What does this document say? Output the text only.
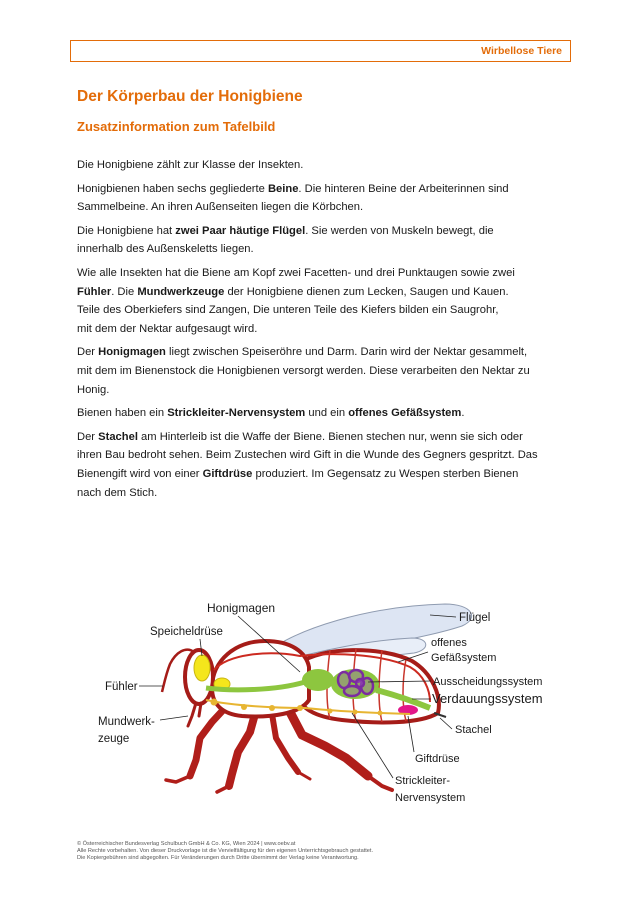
Wirbellose Tiere
Der Körperbau der Honigbiene
Zusatzinformation zum Tafelbild

Die Honigbiene zählt zur Klasse der Insekten.

Honigbienen haben sechs gegliederte Beine. Die hinteren Beine der Arbeiterinnen sind
Sammelbeine. An ihren Außenseiten liegen die Körbchen.

Die Honigbiene hat zwei Paar häutige Flügel. Sie werden von Muskeln bewegt, die
innerhalb des Außenskeletts liegen.

Wie alle Insekten hat die Biene am Kopf zwei Facetten- und drei Punktaugen sowie zwei
Fühler. Die Mundwerkzeuge der Honigbiene dienen zum Lecken, Saugen und Kauen.
Teile des Oberkiefers sind Zangen, Die unteren Teile des Kiefers bilden ein Saugrohr,
mit dem der Nektar aufgesaugt wird.

Der Honigmagen liegt zwischen Speiseröhre und Darm. Darin wird der Nektar gesammelt,
mit dem im Bienenstock die Honigbienen versorgt werden. Diese verarbeiten den Nektar zu
Honig.

Bienen haben ein Strickleiter-Nervensystem und ein offenes Gefäßsystem.

Der Stachel am Hinterleib ist die Waffe der Biene. Bienen stechen nur, wenn sie sich oder
ihren Bau bedroht sehen. Beim Zustechen wird Gift in die Wunde des Gegners gespritzt. Das
Bienengift wird von einer Giftdrüse produziert. Im Gegensatz zu Wespen sterben Bienen
nach dem Stich.

Honigmagen
Speicheldrüse
Flügel
offenes
Gefäßsystem
Fühler	Ausscheidungssystem
Verdauungssystem
Mundwerk-
zeuge
Stachel
Giftdrüse
Strickleiter-
Nervensystem
© Österreichischer Bundesverlag Schulbuch GmbH & Co. KG, Wien 2024 | www.oebv.at
Alle Rechte vorbehalten. Von dieser Druckvorlage ist die Vervielfältigung für den eigenen Unterrichtsgebrauch gestattet.
Die Kopiergebühren sind abgegolten. Für Veränderungen durch Dritte übernimmt der Verlag keine Verantwortung.
